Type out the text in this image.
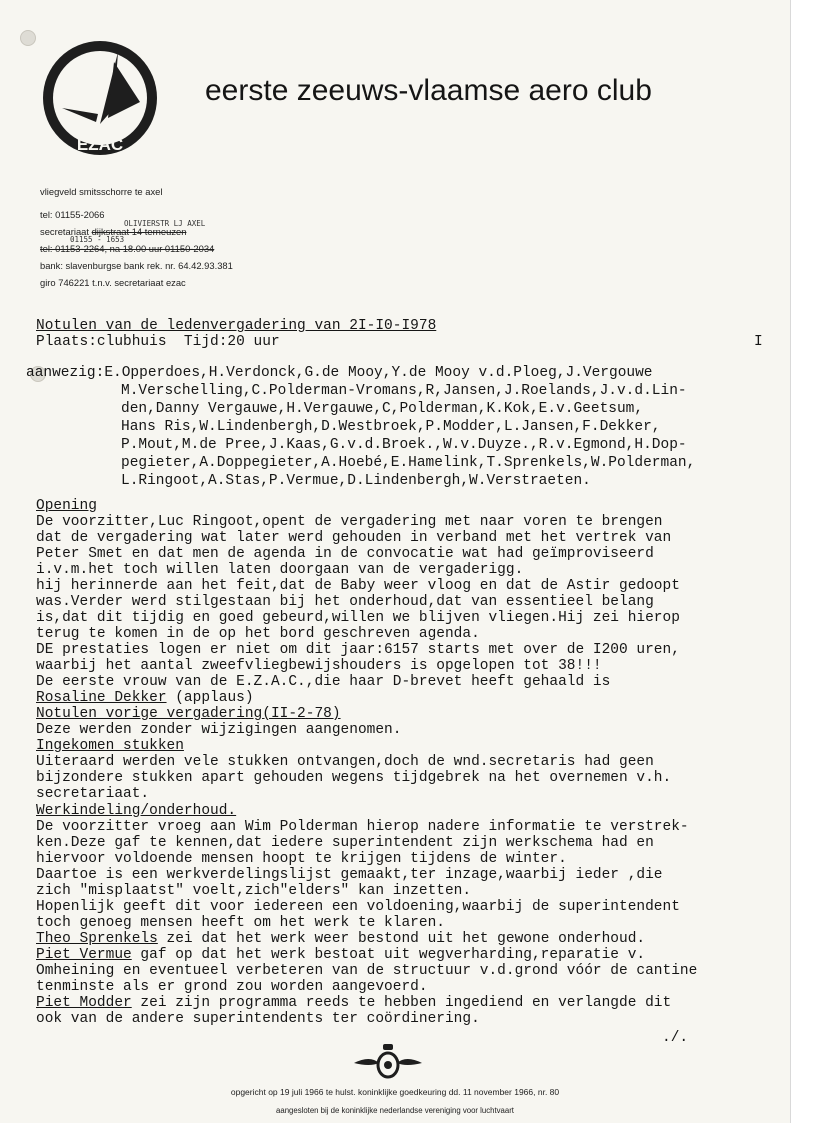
EZAC
eerste zeeuws-vlaamse aero club
vliegveld smitsschorre te axel
tel: 01155-2066
secretariaat dijkstraat 14 terneuzen
OLIVIERSTR LJ AXEL
01155 - 1653
tel: 01153-2264, na 18.00 uur 01150-2034
bank: slavenburgse bank rek. nr. 64.42.93.381
giro 746221 t.n.v. secretariaat ezac
Notulen van de ledenvergadering van 2I-I0-I978
Plaats:clubhuis  Tijd:20 uur	I
aanwezig:E.Opperdoes,H.Verdonck,G.de Mooy,Y.de Mooy v.d.Ploeg,J.Vergouwe
M.Verschelling,C.Polderman-Vromans,R,Jansen,J.Roelands,J.v.d.Lin-
den,Danny Vergauwe,H.Vergauwe,C,Polderman,K.Kok,E.v.Geetsum,
Hans Ris,W.Lindenbergh,D.Westbroek,P.Modder,L.Jansen,F.Dekker,
P.Mout,M.de Pree,J.Kaas,G.v.d.Broek.,W.v.Duyze.,R.v.Egmond,H.Dop-
pegieter,A.Doppegieter,A.Hoebé,E.Hamelink,T.Sprenkels,W.Polderman,
L.Ringoot,A.Stas,P.Vermue,D.Lindenbergh,W.Verstraeten.
Opening
De voorzitter,Luc Ringoot,opent de vergadering met naar voren te brengen
dat de vergadering wat later werd gehouden in verband met het vertrek van
Peter Smet en dat men de agenda in de convocatie wat had geïmproviseerd
i.v.m.het toch willen laten doorgaan van de vergaderigg.
hij herinnerde aan het feit,dat de Baby weer vloog en dat de Astir gedoopt
was.Verder werd stilgestaan bij het onderhoud,dat van essentieel belang
is,dat dit tijdig en goed gebeurd,willen we blijven vliegen.Hij zei hierop
terug te komen in de op het bord geschreven agenda.
DE prestaties logen er niet om dit jaar:6157 starts met over de I200 uren,
waarbij het aantal zweefvliegbewijshouders is opgelopen tot 38!!!
De eerste vrouw van de E.Z.A.C.,die haar D-brevet heeft gehaald is
Rosaline Dekker (applaus)
Notulen vorige vergadering(II-2-78)
Deze werden zonder wijzigingen aangenomen.
Ingekomen stukken
Uiteraard werden vele stukken ontvangen,doch de wnd.secretaris had geen
bijzondere stukken apart gehouden wegens tijdgebrek na het overnemen v.h.
secretariaat.
Werkindeling/onderhoud.
De voorzitter vroeg aan Wim Polderman hierop nadere informatie te verstrek-
ken.Deze gaf te kennen,dat iedere superintendent zijn werkschema had en
hiervoor voldoende mensen hoopt te krijgen tijdens de winter.
Daartoe is een werkverdelingslijst gemaakt,ter inzage,waarbij ieder ,die
zich "misplaatst" voelt,zich"elders" kan inzetten.
Hopenlijk geeft dit voor iedereen een voldoening,waarbij de superintendent
toch genoeg mensen heeft om het werk te klaren.
Theo Sprenkels zei dat het werk weer bestond uit het gewone onderhoud.
Piet Vermue gaf op dat het werk bestoat uit wegverharding,reparatie v.
Omheining en eventueel verbeteren van de structuur v.d.grond vóór de cantine
tenminste als er grond zou worden aangevoerd.
Piet Modder zei zijn programma reeds te hebben ingediend en verlangde dit
ook van de andere superintendents ter coördinering.
./.
opgericht op 19 juli 1966 te hulst. koninklijke goedkeuring dd. 11 november 1966, nr. 80
aangesloten bij de koninklijke nederlandse vereniging voor luchtvaart
